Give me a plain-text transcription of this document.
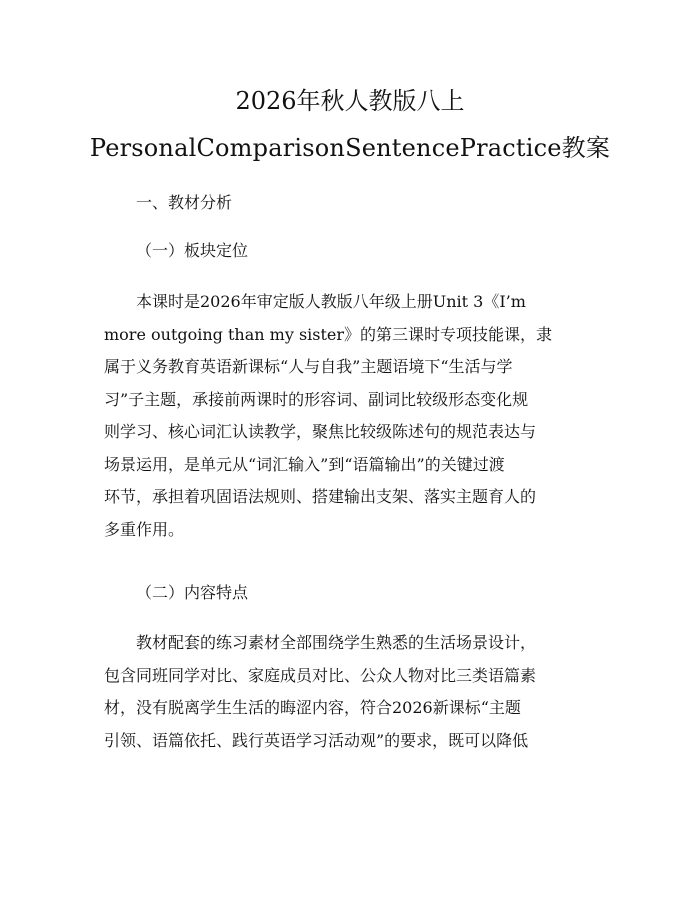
2026年秋人教版八上
PersonalComparisonSentencePractice教案
一、教材分析
（一）板块定位
本课时是2026年审定版人教版八年级上册Unit 3《I’m
more outgoing than my sister》的第三课时专项技能课，隶
属于义务教育英语新课标“人与自我”主题语境下“生活与学
习”子主题，承接前两课时的形容词、副词比较级形态变化规
则学习、核心词汇认读教学，聚焦比较级陈述句的规范表达与
场景运用，是单元从“词汇输入”到“语篇输出”的关键过渡
环节，承担着巩固语法规则、搭建输出支架、落实主题育人的
多重作用。
（二）内容特点
教材配套的练习素材全部围绕学生熟悉的生活场景设计，
包含同班同学对比、家庭成员对比、公众人物对比三类语篇素
材，没有脱离学生生活的晦涩内容，符合2026新课标“主题
引领、语篇依托、践行英语学习活动观”的要求，既可以降低
